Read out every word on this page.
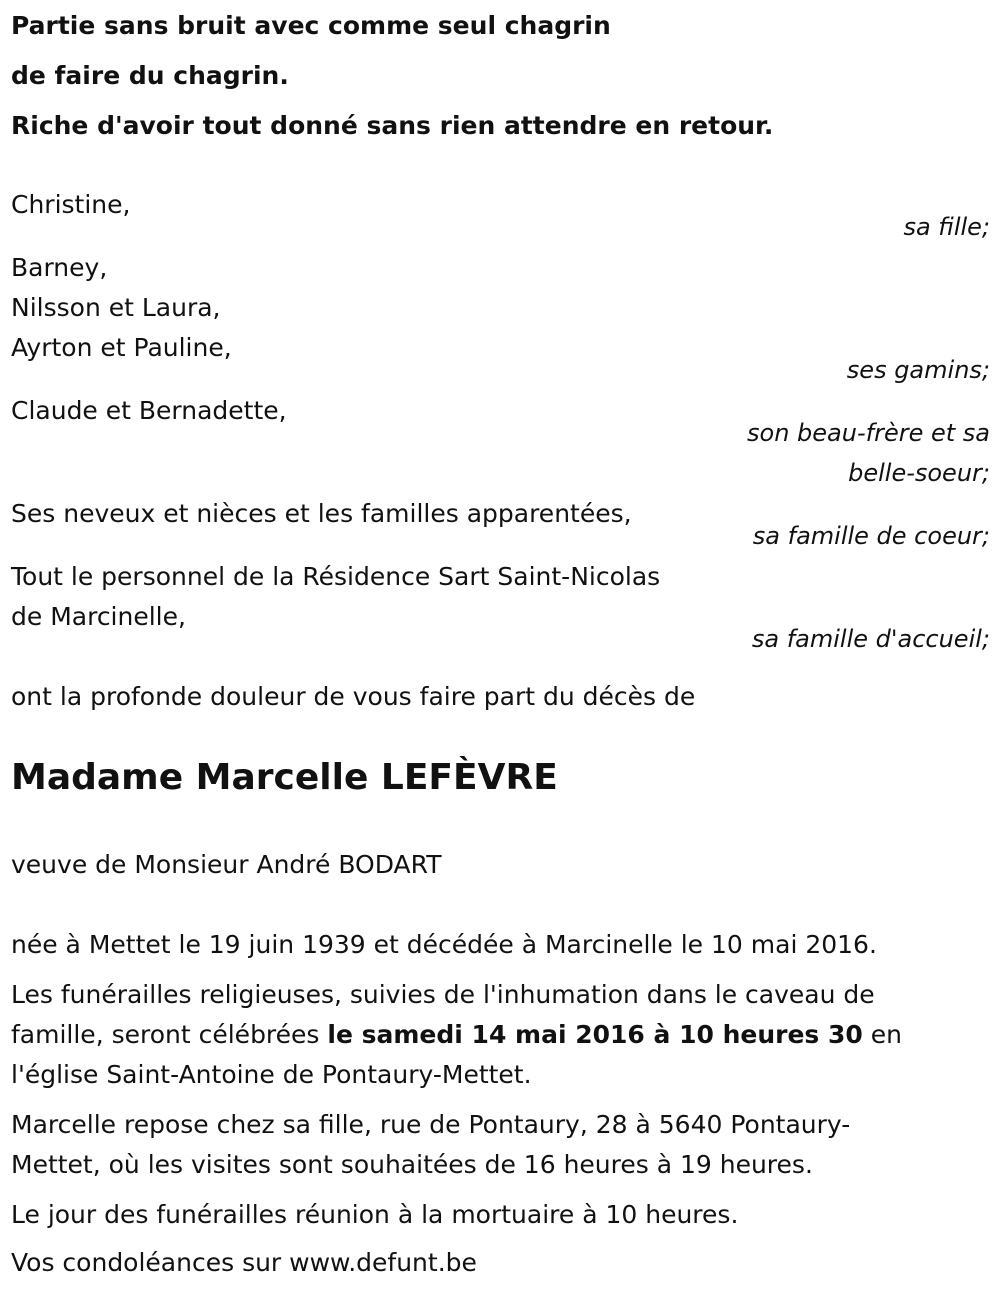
Partie sans bruit avec comme seul chagrin

de faire du chagrin.

Riche d'avoir tout donné sans rien attendre en retour.

Christine,

sa fille;

Barney,

Nilsson et Laura,

Ayrton et Pauline,

ses gamins;

Claude et Bernadette,

son beau-frère et sa

belle-soeur;

Ses neveux et nièces et les familles apparentées,

sa famille de coeur;

Tout le personnel de la Résidence Sart Saint-Nicolas

de Marcinelle,

sa famille d'accueil;

ont la profonde douleur de vous faire part du décès de

Madame Marcelle LEFÈVRE

veuve de Monsieur André BODART

née à Mettet le 19 juin 1939 et décédée à Marcinelle le 10 mai 2016.

Les funérailles religieuses, suivies de l'inhumation dans le caveau de

famille, seront célébrées le samedi 14 mai 2016 à 10 heures 30 en

l'église Saint-Antoine de Pontaury-Mettet.

Marcelle repose chez sa fille, rue de Pontaury, 28 à 5640 Pontaury-

Mettet, où les visites sont souhaitées de 16 heures à 19 heures.

Le jour des funérailles réunion à la mortuaire à 10 heures.

Vos condoléances sur www.defunt.be
